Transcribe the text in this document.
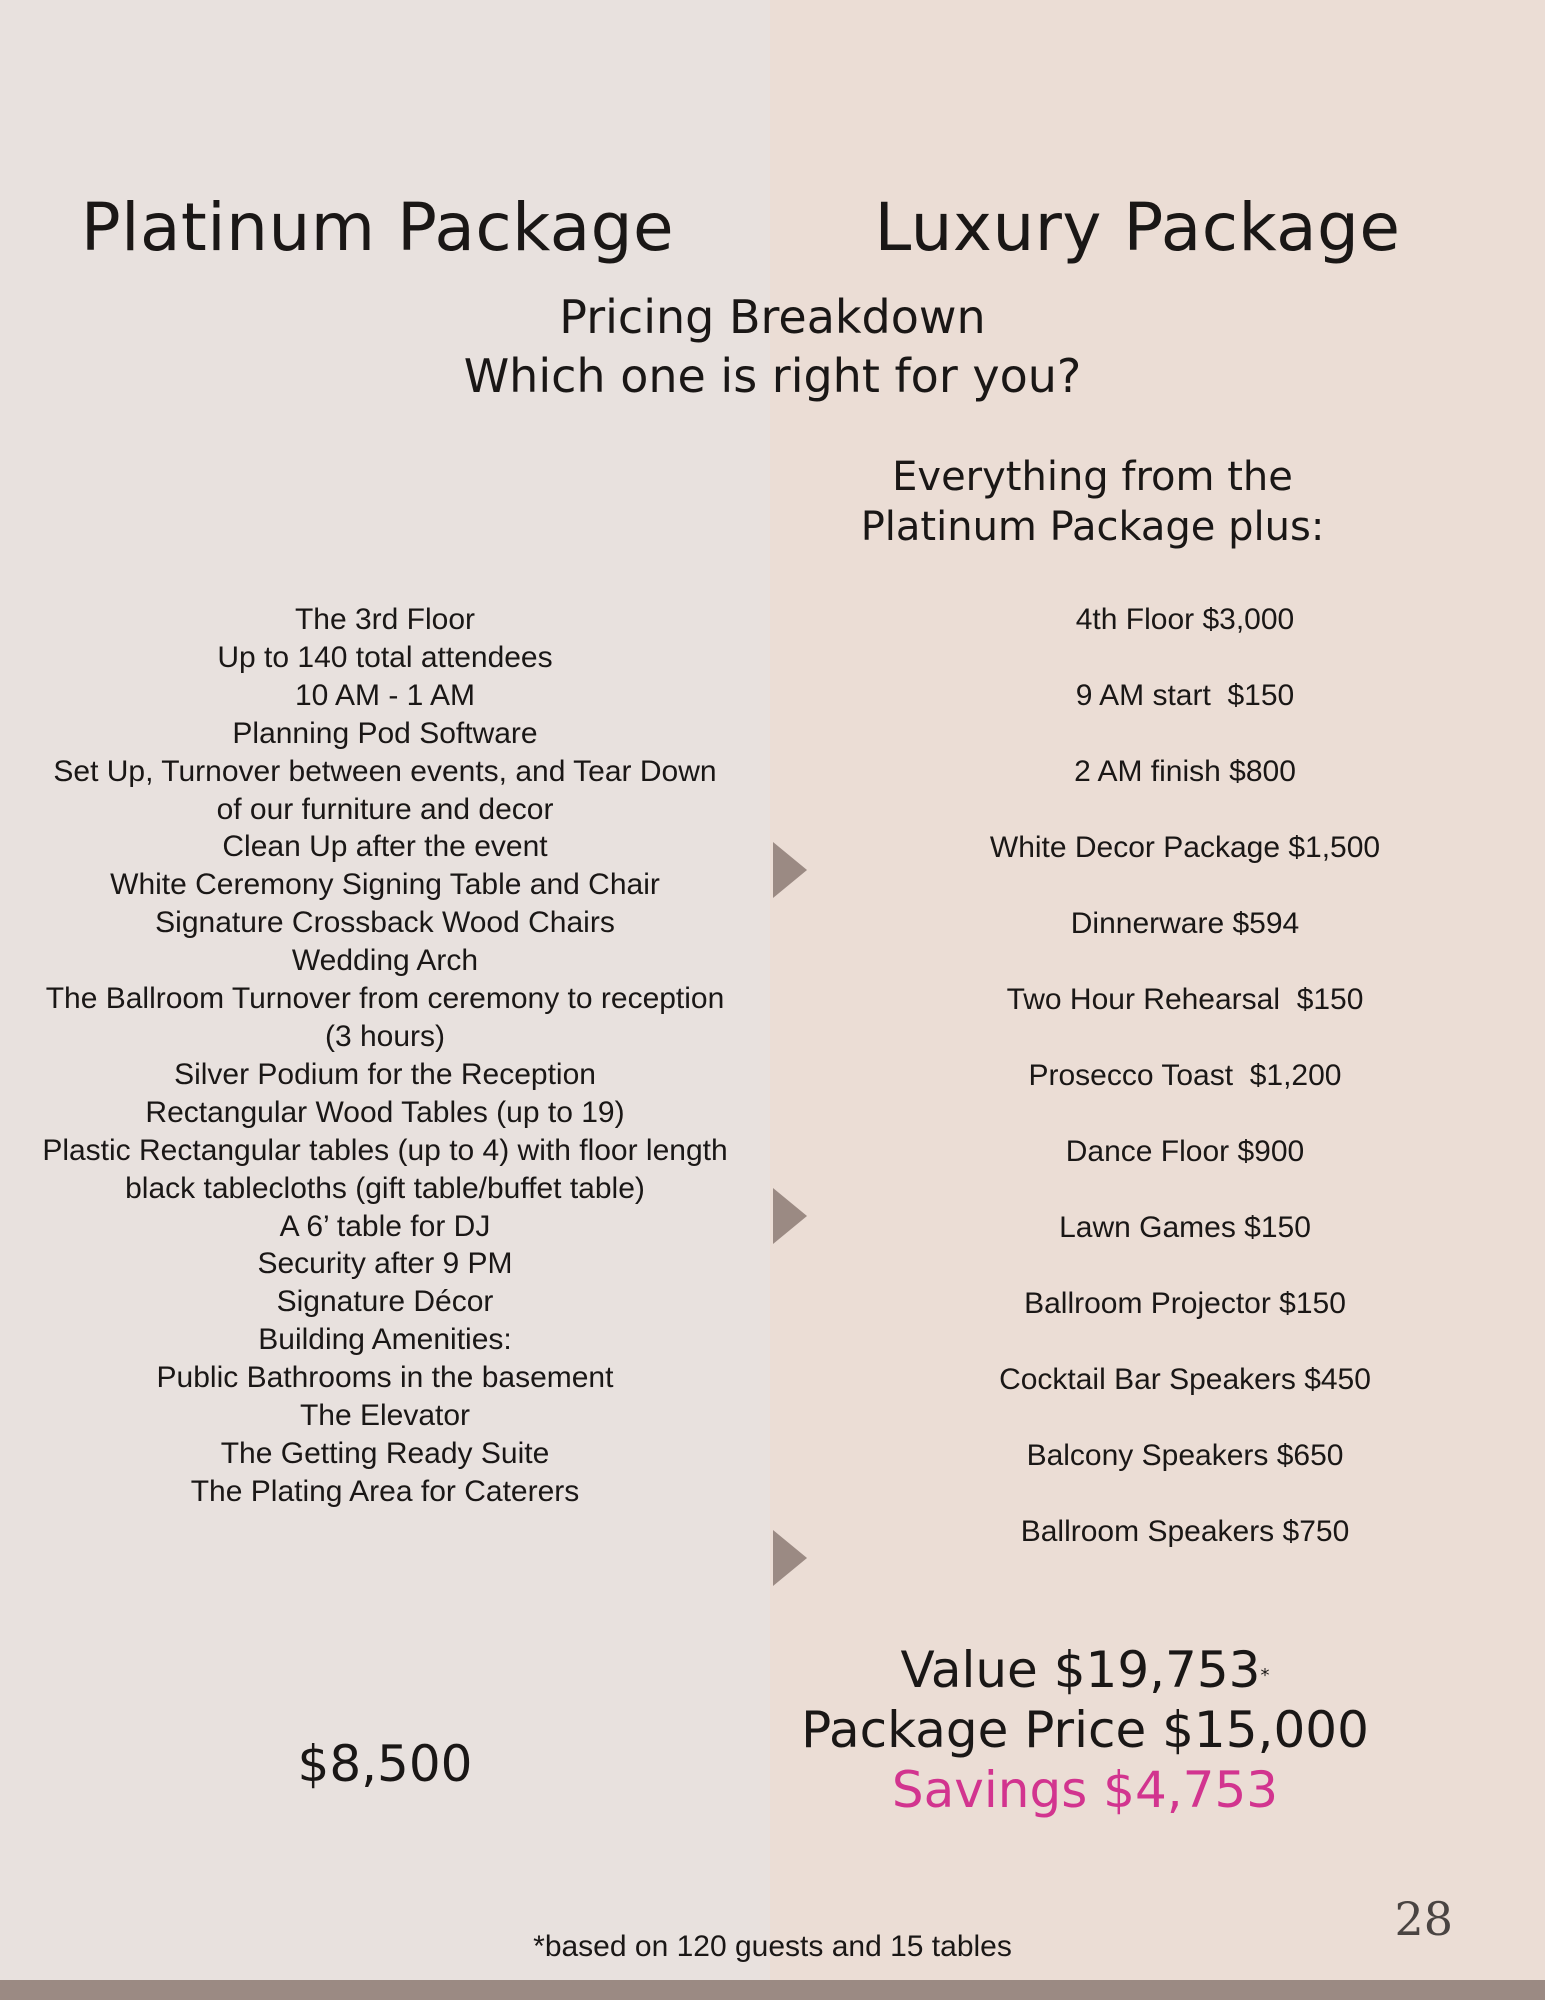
Platinum Package	Luxury Package
Pricing Breakdown
Which one is right for you?
Everything from the
Platinum Package plus:
The 3rd Floor
Up to 140 total attendees
10 AM - 1 AM
Planning Pod Software
Set Up, Turnover between events, and Tear Down of our furniture and decor
Clean Up after the event
White Ceremony Signing Table and Chair
Signature Crossback Wood Chairs
Wedding Arch
The Ballroom Turnover from ceremony to reception (3 hours)
Silver Podium for the Reception
Rectangular Wood Tables (up to 19)
Plastic Rectangular tables (up to 4) with floor length black tablecloths (gift table/buffet table)
A 6’ table for DJ
Security after 9 PM
Signature Décor
Building Amenities:
Public Bathrooms in the basement
The Elevator
The Getting Ready Suite
The Plating Area for Caterers
4th Floor $3,000
9 AM start  $150
2 AM finish $800
White Decor Package $1,500
Dinnerware $594
Two Hour Rehearsal  $150
Prosecco Toast  $1,200
Dance Floor $900
Lawn Games $150
Ballroom Projector $150
Cocktail Bar Speakers $450
Balcony Speakers $650
Ballroom Speakers $750
$8,500
Value $19,753*
Package Price $15,000
Savings $4,753
28
*based on 120 guests and 15 tables
